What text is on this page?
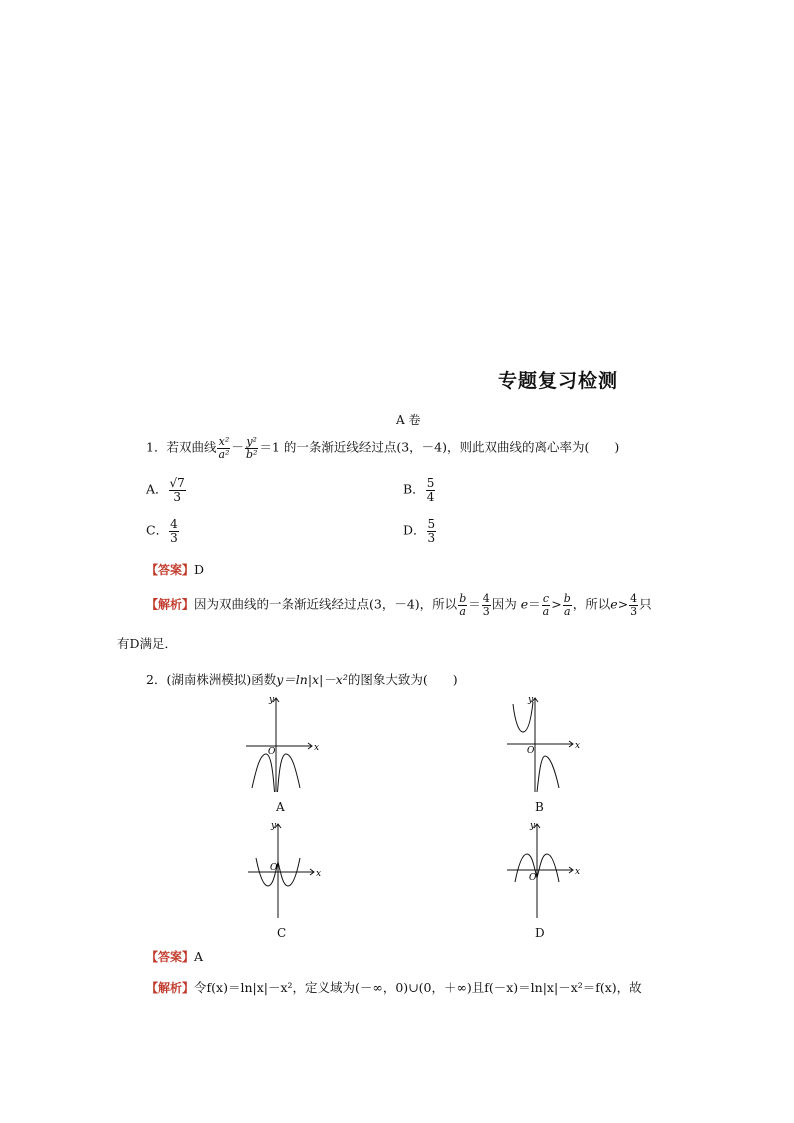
专题复习检测
A 卷
1．若双曲线 $\frac{\text{x²}}{\text{a²}} - \frac{\text{y²}}{\text{b²}} =1$ 的一条渐近线经过点(3，－4)，则此双曲线的离心率为(　　)
A． $\frac{√7}{3}$	B． $\frac{5}{4}$
C． $\frac{4}{3}$	D． $\frac{5}{3}$
【答案】D
【解析】因为双曲线的一条渐近线经过点(3，－4)，所以 $\frac{b}{a} = \frac{4}{3}$ 因为 $e= \frac{c}{a} > \frac{b}{a}$ ，所以$e> \frac{4}{3}$ 只
有D满足．
2．(湖南株洲模拟)函数y＝ln|x|－x²的图象大致为(　　)
x
y
O
A
x
y
O
B
x
y
O
C
x
y
O
D
【答案】A
【解析】令f(x)＝ln|x|－x²，定义域为(－∞，0)∪(0，＋∞)且f(－x)＝ln|x|－x²＝f(x)，故
